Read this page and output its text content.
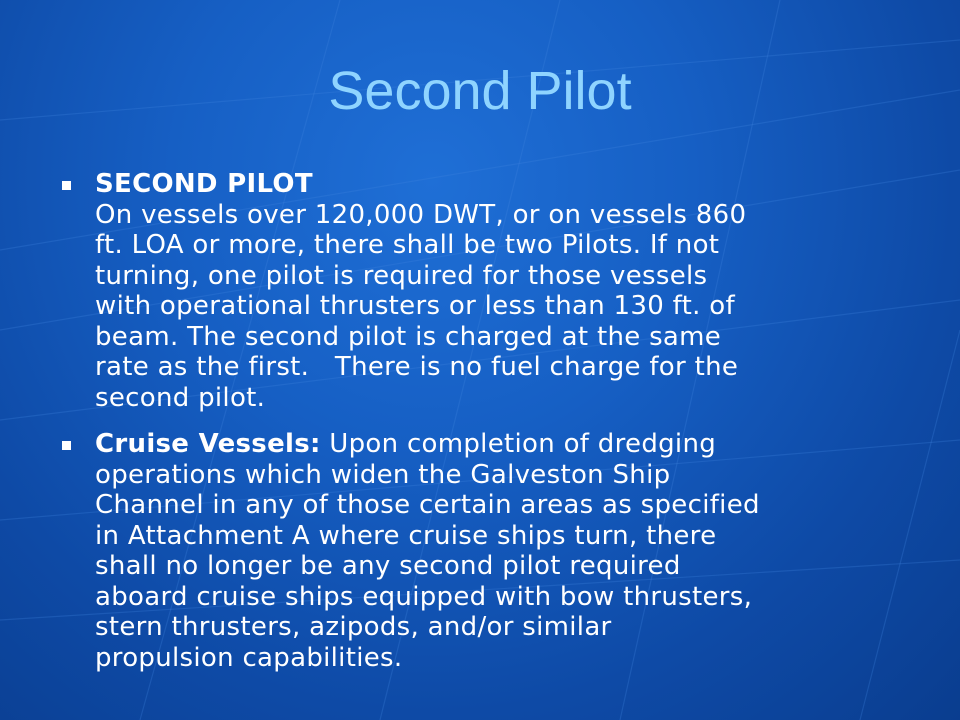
Second Pilot
SECOND PILOT
On vessels over 120,000 DWT, or on vessels 860
ft. LOA or more, there shall be two Pilots. If not
turning, one pilot is required for those vessels
with operational thrusters or less than 130 ft. of
beam. The second pilot is charged at the same
rate as the first.   There is no fuel charge for the
second pilot.
Cruise Vessels: Upon completion of dredging
operations which widen the Galveston Ship
Channel in any of those certain areas as specified
in Attachment A where cruise ships turn, there
shall no longer be any second pilot required
aboard cruise ships equipped with bow thrusters,
stern thrusters, azipods, and/or similar
propulsion capabilities.
